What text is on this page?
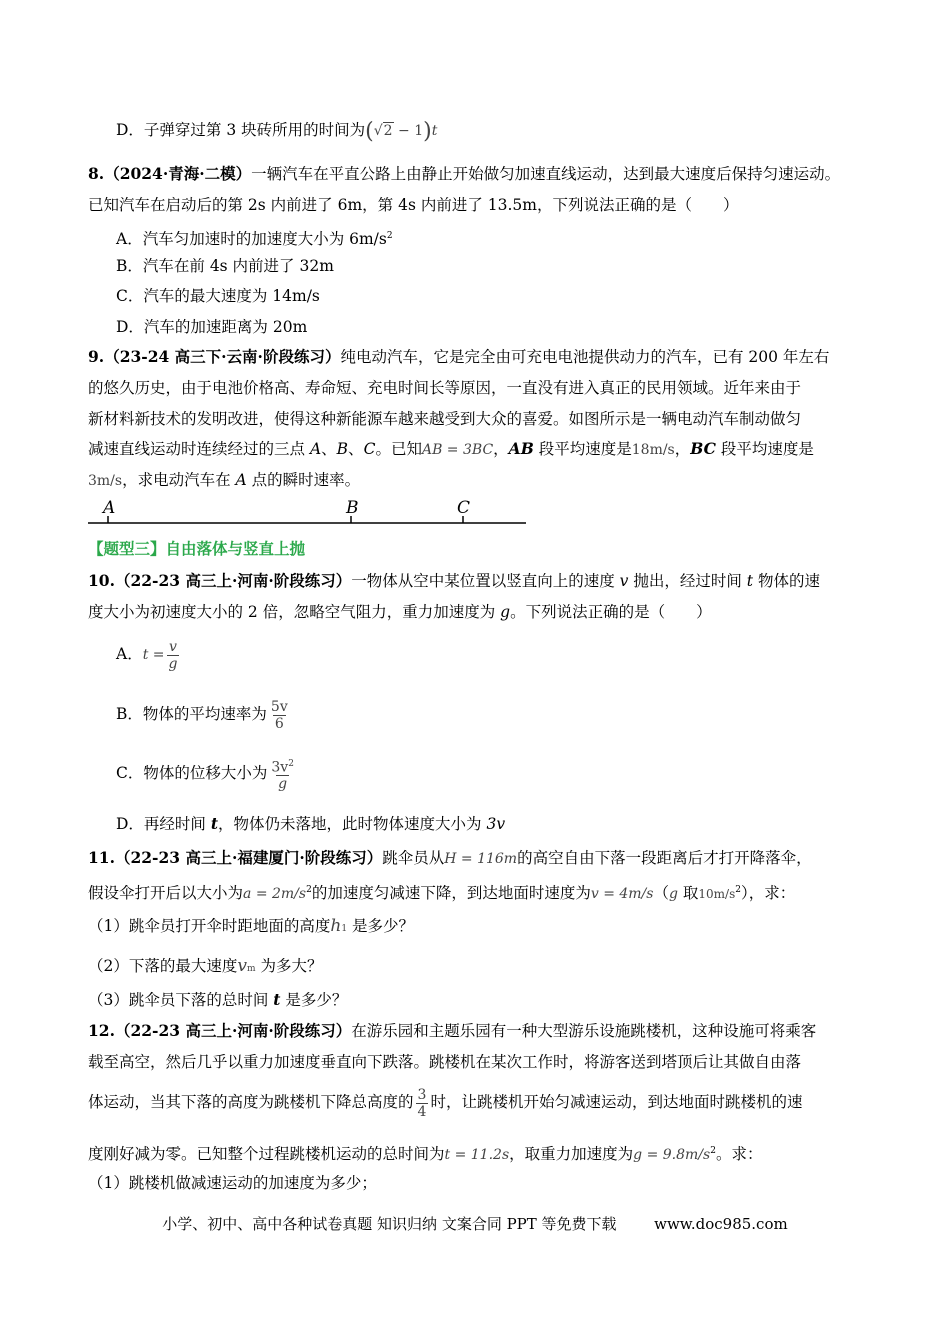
D．子弹穿过第 3 块砖所用的时间为(√2 − 1)t
8.（2024·青海·二模）一辆汽车在平直公路上由静止开始做匀加速直线运动，达到最大速度后保持匀速运动。
已知汽车在启动后的第 2s 内前进了 6m，第 4s 内前进了 13.5m，下列说法正确的是（　　）
A．汽车匀加速时的加速度大小为 $6m/s^2$
B．汽车在前 4s 内前进了 32m
C．汽车的最大速度为 14m/s
D．汽车的加速距离为 20m
9.（23-24 高三下·云南·阶段练习）纯电动汽车，它是完全由可充电电池提供动力的汽车，已有 200 年左右
的悠久历史，由于电池价格高、寿命短、充电时间长等原因，一直没有进入真正的民用领域。近年来由于
新材料新技术的发明改进，使得这种新能源车越来越受到大众的喜爱。如图所示是一辆电动汽车制动做匀
减速直线运动时连续经过的三点 A、B、C。已知AB = 3BC，AB 段平均速度是18m/s，BC 段平均速度是
3m/s，求电动汽车在 A 点的瞬时速率。
A	B	C
【题型三】自由落体与竖直上抛
10.（22-23 高三上·河南·阶段练习）一物体从空中某位置以竖直向上的速度 v 抛出，经过时间 t 物体的速
度大小为初速度大小的 2 倍，忽略空气阻力，重力加速度为 g。下列说法正确的是（　　）
A．$t = \frac{v}{g}$
B．物体的平均速率为 $\frac{5v}{6}$
C．物体的位移大小为 $\frac{3v^2}{g}$
D．再经时间 t，物体仍未落地，此时物体速度大小为 3v
11.（22-23 高三上·福建厦门·阶段练习）跳伞员从H = 116m的高空自由下落一段距离后才打开降落伞，
假设伞打开后以大小为$a = 2m/s^2$的加速度匀减速下降，到达地面时速度为v = 4m/s（g 取$10m/s^2$），求：
（1）跳伞员打开伞时距地面的高度h1 是多少？
（2）下落的最大速度vm 为多大？
（3）跳伞员下落的总时间 t 是多少？
12.（22-23 高三上·河南·阶段练习）在游乐园和主题乐园有一种大型游乐设施跳楼机，这种设施可将乘客
载至高空，然后几乎以重力加速度垂直向下跌落。跳楼机在某次工作时，将游客送到塔顶后让其做自由落
体运动，当其下落的高度为跳楼机下降总高度的 $\frac{3}{4}$ 时，让跳楼机开始匀减速运动，到达地面时跳楼机的速
度刚好减为零。已知整个过程跳楼机运动的总时间为t = 11.2s，取重力加速度为$g = 9.8m/s^2$。求：
（1）跳楼机做减速运动的加速度为多少；
小学、初中、高中各种试卷真题 知识归纳 文案合同 PPT 等免费下载	www.doc985.com
